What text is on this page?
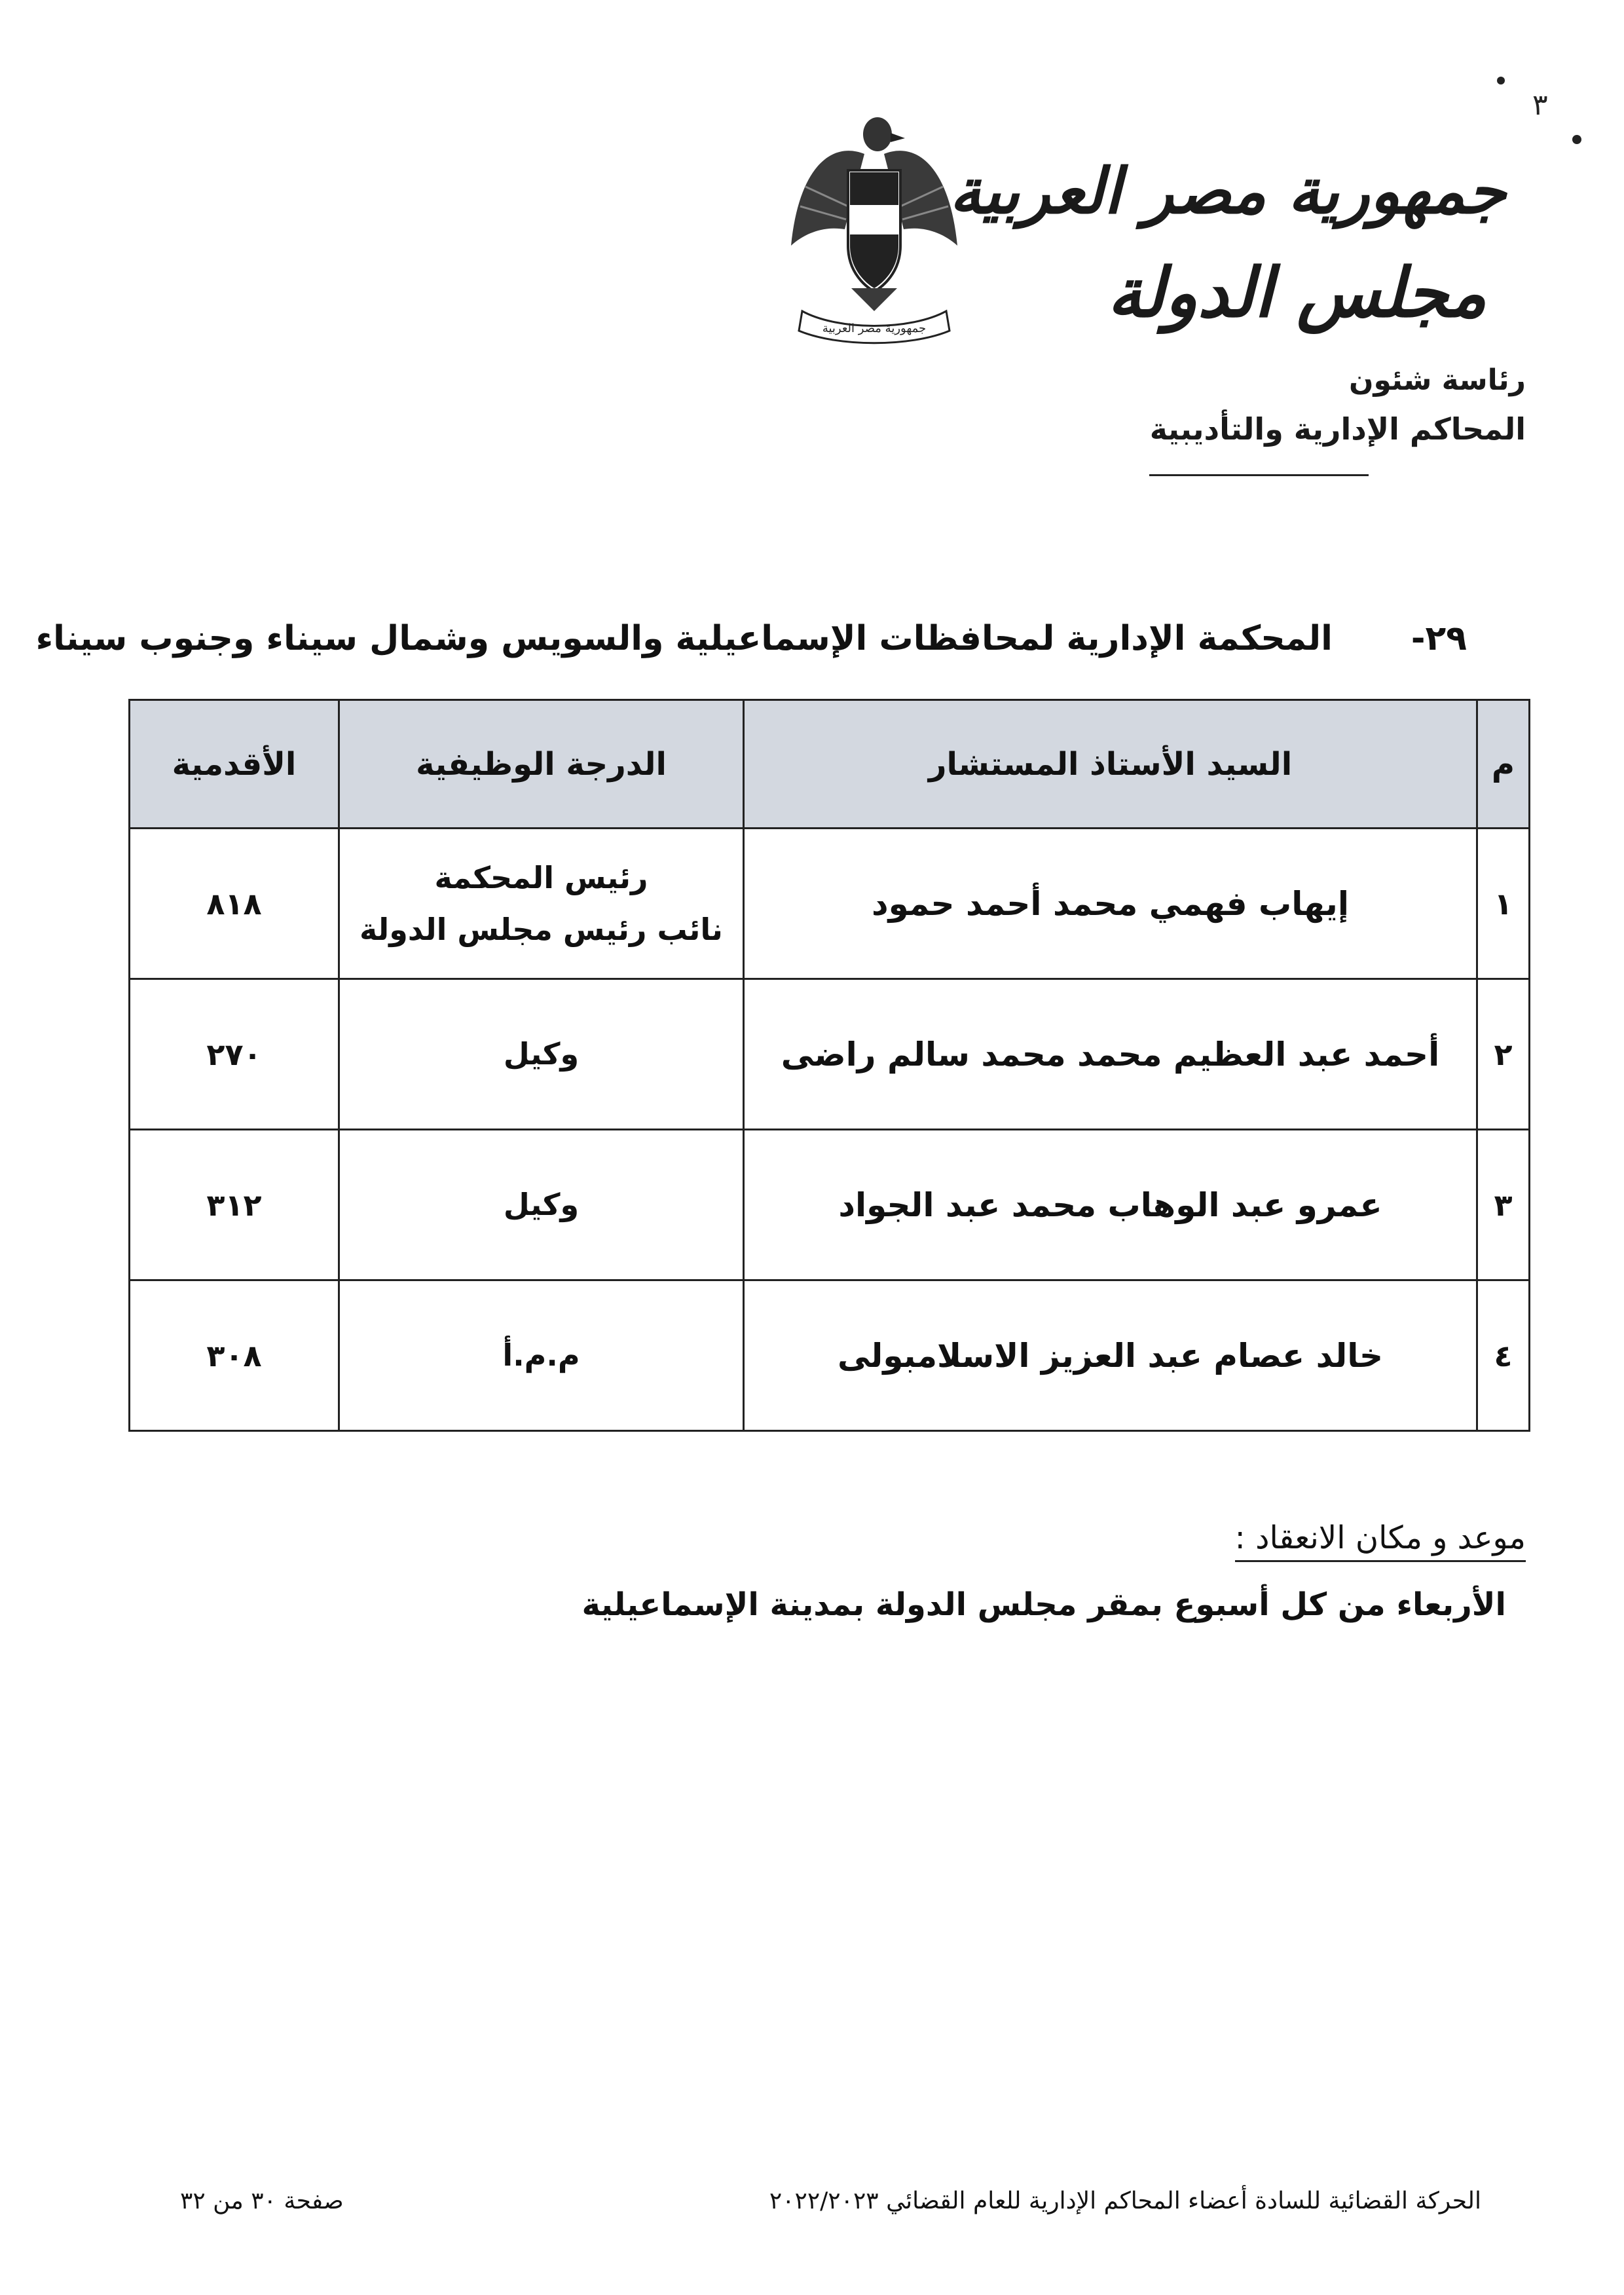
٣
جمهورية مصر العربية
جمهورية مصر العربية
مجلس الدولة
رئاسة شئون
المحاكم الإدارية والتأديبية
٢٩-المحكمة الإدارية لمحافظات الإسماعيلية والسويس وشمال سيناء وجنوب سيناء
م	السيد الأستاذ المستشار	الدرجة الوظيفية	الأقدمية
١	إيهاب فهمي محمد أحمد حمود	رئيس المحكمة
نائب رئيس مجلس الدولة	٨١٨
٢	أحمد عبد العظيم محمد محمد سالم راضى	وكيل	٢٧٠
٣	عمرو عبد الوهاب محمد عبد الجواد	وكيل	٣١٢
٤	خالد عصام عبد العزيز الاسلامبولى	م.م.أ	٣٠٨
موعد و مكان الانعقاد :
الأربعاء من كل أسبوع بمقر مجلس الدولة بمدينة الإسماعيلية
الحركة القضائية للسادة أعضاء المحاكم الإدارية للعام القضائي ٢٠٢٢/٢٠٢٣
صفحة ٣٠ من ٣٢
